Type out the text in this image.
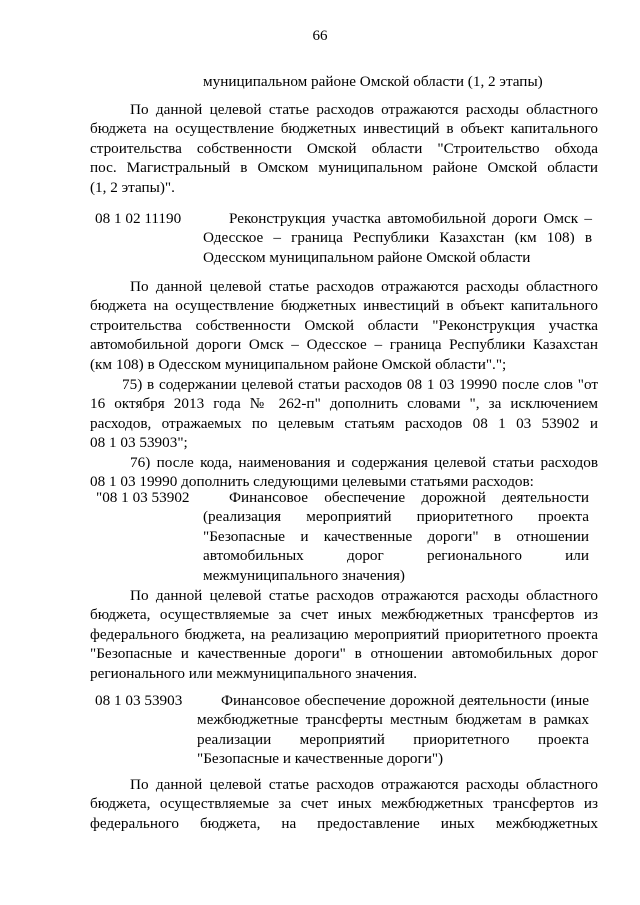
66
муниципальном районе Омской области (1, 2 этапы)
По данной целевой статье расходов отражаются расходы областного
бюджета на осуществление бюджетных инвестиций в объект капитального
строительства собственности Омской области "Строительство обхода
пос. Магистральный в Омском муниципальном районе Омской области
(1, 2 этапы)".
08 1 02 11190	Реконструкция участка автомобильной дороги Омск –
Одесское – граница Республики Казахстан (км 108) в
Одесском муниципальном районе Омской области
По данной целевой статье расходов отражаются расходы областного
бюджета на осуществление бюджетных инвестиций в объект капитального
строительства собственности Омской области "Реконструкция участка
автомобильной дороги Омск – Одесское – граница Республики Казахстан
(км 108) в Одесском муниципальном районе Омской области".";
75) в содержании целевой статьи расходов 08 1 03 19990 после слов "от
16 октября 2013 года № 262-п" дополнить словами ", за исключением
расходов, отражаемых по целевым статьям расходов 08 1 03 53902 и
08 1 03 53903";
76) после кода, наименования и содержания целевой статьи расходов
08 1 03 19990 дополнить следующими целевыми статьями расходов:
"08 1 03 53902	Финансовое обеспечение дорожной деятельности
(реализация мероприятий приоритетного проекта
"Безопасные и качественные дороги" в отношении
автомобильных дорог регионального или
межмуниципального значения)
По данной целевой статье расходов отражаются расходы областного
бюджета, осуществляемые за счет иных межбюджетных трансфертов из
федерального бюджета, на реализацию мероприятий приоритетного проекта
"Безопасные и качественные дороги" в отношении автомобильных дорог
регионального или межмуниципального значения.
08 1 03 53903	Финансовое обеспечение дорожной деятельности (иные
межбюджетные трансферты местным бюджетам в рамках
реализации мероприятий приоритетного проекта
"Безопасные и качественные дороги")
По данной целевой статье расходов отражаются расходы областного
бюджета, осуществляемые за счет иных межбюджетных трансфертов из
федерального бюджета, на предоставление иных межбюджетных
